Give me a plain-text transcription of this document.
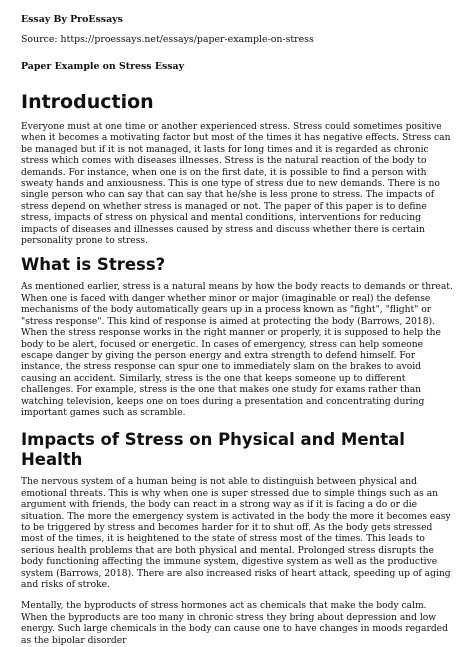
Essay By ProEssays
Source: https://proessays.net/essays/paper-example-on-stress
Paper Example on Stress Essay
Introduction

Everyone must at one time or another experienced stress. Stress could sometimes positive when it becomes a motivating factor but most of the times it has negative effects. Stress can be managed but if it is not managed, it lasts for long times and it is regarded as chronic stress which comes with diseases illnesses. Stress is the natural reaction of the body to demands. For instance, when one is on the first date, it is possible to find a person with sweaty hands and anxiousness. This is one type of stress due to new demands. There is no single person who can say that can say that he/she is less prone to stress. The impacts of stress depend on whether stress is managed or not. The paper of this paper is to define stress, impacts of stress on physical and mental conditions, interventions for reducing impacts of diseases and illnesses caused by stress and discuss whether there is certain personality prone to stress.

What is Stress?

As mentioned earlier, stress is a natural means by how the body reacts to demands or threat. When one is faced with danger whether minor or major (imaginable or real) the defense mechanisms of the body automatically gears up in a process known as "fight", "flight" or "stress response". This kind of response is aimed at protecting the body (Barrows, 2018). When the stress response works in the right manner or properly, it is supposed to help the body to be alert, focused or energetic. In cases of emergency, stress can help someone escape danger by giving the person energy and extra strength to defend himself. For instance, the stress response can spur one to immediately slam on the brakes to avoid causing an accident. Similarly, stress is the one that keeps someone up to different challenges. For example, stress is the one that makes one study for exams rather than watching television, keeps one on toes during a presentation and concentrating during important games such as scramble.

Impacts of Stress on Physical and Mental Health

The nervous system of a human being is not able to distinguish between physical and emotional threats. This is why when one is super stressed due to simple things such as an argument with friends, the body can react in a strong way as if it is facing a do or die situation. The more the emergency system is activated in the body the more it becomes easy to be triggered by stress and becomes harder for it to shut off. As the body gets stressed most of the times, it is heightened to the state of stress most of the times. This leads to serious health problems that are both physical and mental. Prolonged stress disrupts the body functioning affecting the immune system, digestive system as well as the productive system (Barrows, 2018). There are also increased risks of heart attack, speeding up of aging and risks of stroke.

Mentally, the byproducts of stress hormones act as chemicals that make the body calm. When the byproducts are too many in chronic stress they bring about depression and low energy. Such large chemicals in the body can cause one to have changes in moods regarded as the bipolar disorder
